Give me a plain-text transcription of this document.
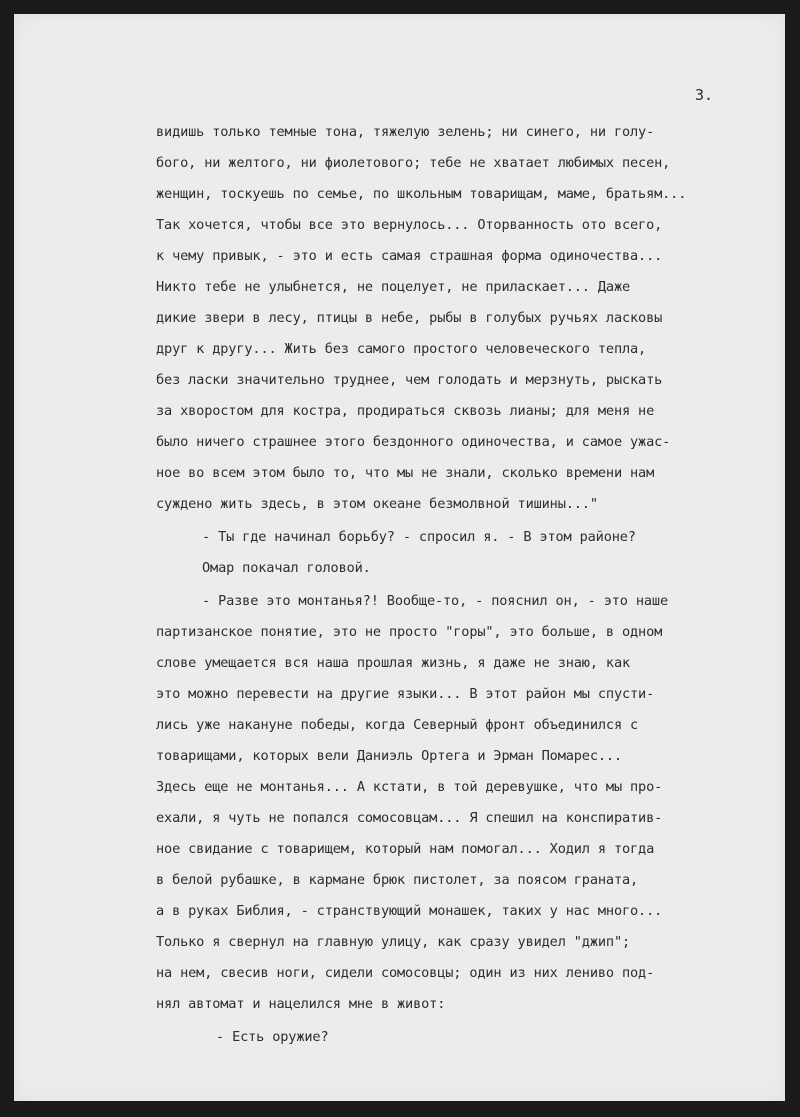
3.

видишь только темные тона, тяжелую зелень; ни синего, ни голу-
бого, ни желтого, ни фиолетового; тебе не хватает любимых песен,
женщин, тоскуешь по семье, по школьным товарищам, маме, братьям...
Так хочется, чтобы все это вернулось... Оторванность ото всего,
к чему привык, - это и есть самая страшная форма одиночества...
Никто тебе не улыбнется, не поцелует, не приласкает... Даже
дикие звери в лесу, птицы в небе, рыбы в голубых ручьях ласковы
друг к другу... Жить без самого простого человеческого тепла,
без ласки значительно труднее, чем голодать и мерзнуть, рыскать
за хворостом для костра, продираться сквозь лианы; для меня не
было ничего страшнее этого бездонного одиночества, и самое ужас-
ное во всем этом было то, что мы не знали, сколько времени нам
суждено жить здесь, в этом океане безмолвной тишины..."
- Ты где начинал борьбу? - спросил я. - В этом районе?
Омар покачал головой.
- Разве это монтанья?! Вообще-то, - пояснил он, - это наше
партизанское понятие, это не просто "горы", это больше, в одном
слове умещается вся наша прошлая жизнь, я даже не знаю, как
это можно перевести на другие языки... В этот район мы спусти-
лись уже накануне победы, когда Северный фронт объединился с
товарищами, которых вели Даниэль Ортега и Эрман Помарес...
Здесь еще не монтанья... А кстати, в той деревушке, что мы про-
ехали, я чуть не попался сомосовцам... Я спешил на конспиратив-
ное свидание с товарищем, который нам помогал... Ходил я тогда
в белой рубашке, в кармане брюк пистолет, за поясом граната,
а в руках Библия, - странствующий монашек, таких у нас много...
Только я свернул на главную улицу, как сразу увидел "джип";
на нем, свесив ноги, сидели сомосовцы; один из них лениво под-
нял автомат и нацелился мне в живот:
- Есть оружие?
